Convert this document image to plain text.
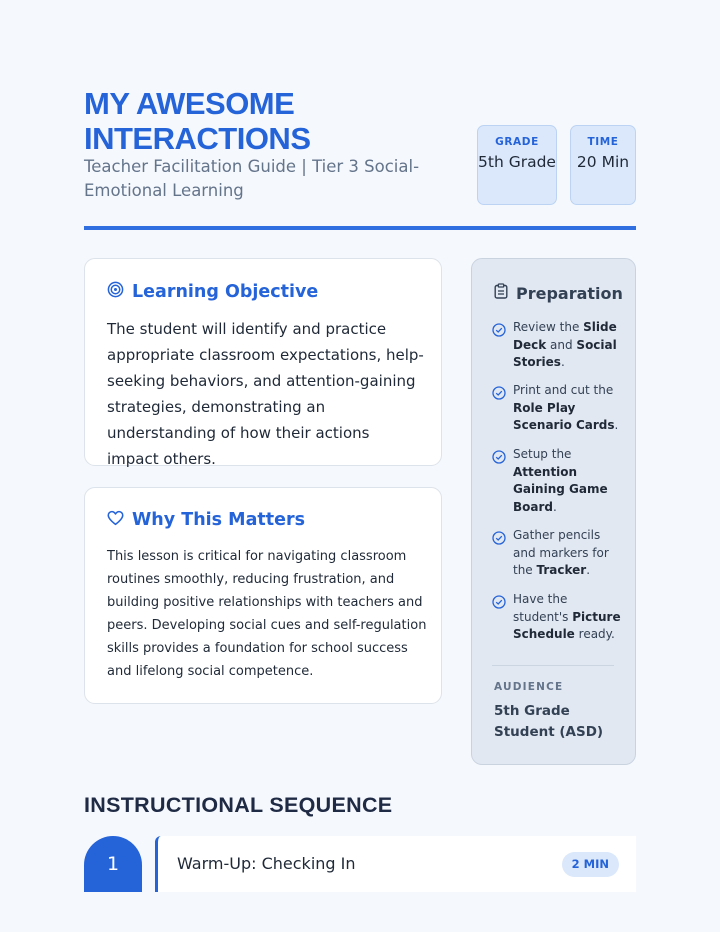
MY AWESOME INTERACTIONS
Teacher Facilitation Guide | Tier 3 Social-Emotional Learning
GRADE
5th Grade
TIME
20 Min
Learning Objective
The student will identify and practice appropriate classroom expectations, help-seeking behaviors, and attention-gaining strategies, demonstrating an understanding of how their actions impact others.
Why This Matters
This lesson is critical for navigating classroom routines smoothly, reducing frustration, and building positive relationships with teachers and peers. Developing social cues and self-regulation skills provides a foundation for school success and lifelong social competence.
Preparation
Review the Slide Deck and Social Stories.
Print and cut the Role Play Scenario Cards.
Setup the Attention Gaining Game Board.
Gather pencils and markers for the Tracker.
Have the student's Picture Schedule ready.
AUDIENCE
5th Grade Student (ASD)
INSTRUCTIONAL SEQUENCE
1	Warm-Up: Checking In	2 MIN
